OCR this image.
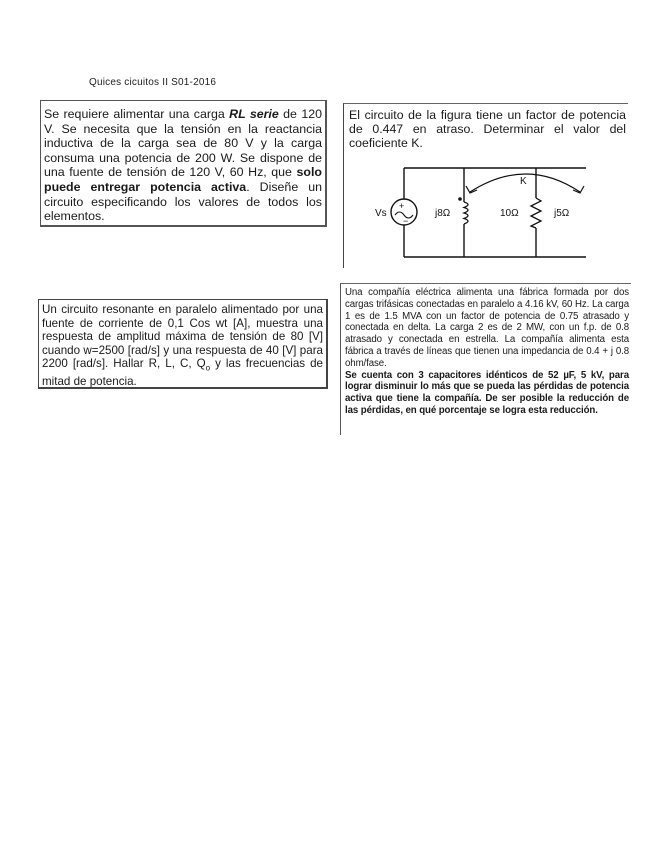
Quices cicuitos II S01-2016

Se requiere alimentar una carga RL serie de 120 V. Se necesita que la tensión en la reactancia inductiva de la carga sea de 80 V y la carga consuma una potencia de 200 W. Se dispone de una fuente de tensión de 120 V, 60 Hz, que solo puede entregar potencia activa. Diseñe un circuito especificando los valores de todos los elementos.

El circuito de la figura tiene un factor de potencia de 0.447 en atraso. Determinar el valor del coeficiente K.

+
−
Vs	j8Ω	10Ω	j5Ω
K

Un circuito resonante en paralelo alimentado por una fuente de corriente de 0,1 Cos wt [A], muestra una respuesta de amplitud máxima de tensión de 80 [V] cuando w=2500 [rad/s] y una respuesta de 40 [V] para 2200 [rad/s]. Hallar R, L, C, $Q_o$ y las frecuencias de mitad de potencia.

Una compañía eléctrica alimenta una fábrica formada por dos cargas trifásicas conectadas en paralelo a 4.16 kV, 60 Hz. La carga 1 es de 1.5 MVA con un factor de potencia de 0.75 atrasado y conectada en delta. La carga 2 es de 2 MW, con un f.p. de 0.8 atrasado y conectada en estrella. La compañía alimenta esta fábrica a través de líneas que tienen una impedancia de 0.4 + j 0.8 ohm/fase.

Se cuenta con 3 capacitores idénticos de 52 µF, 5 kV, para lograr disminuir lo más que se pueda las pérdidas de potencia activa que tiene la compañía. De ser posible la reducción de las pérdidas, en qué porcentaje se logra esta reducción.
